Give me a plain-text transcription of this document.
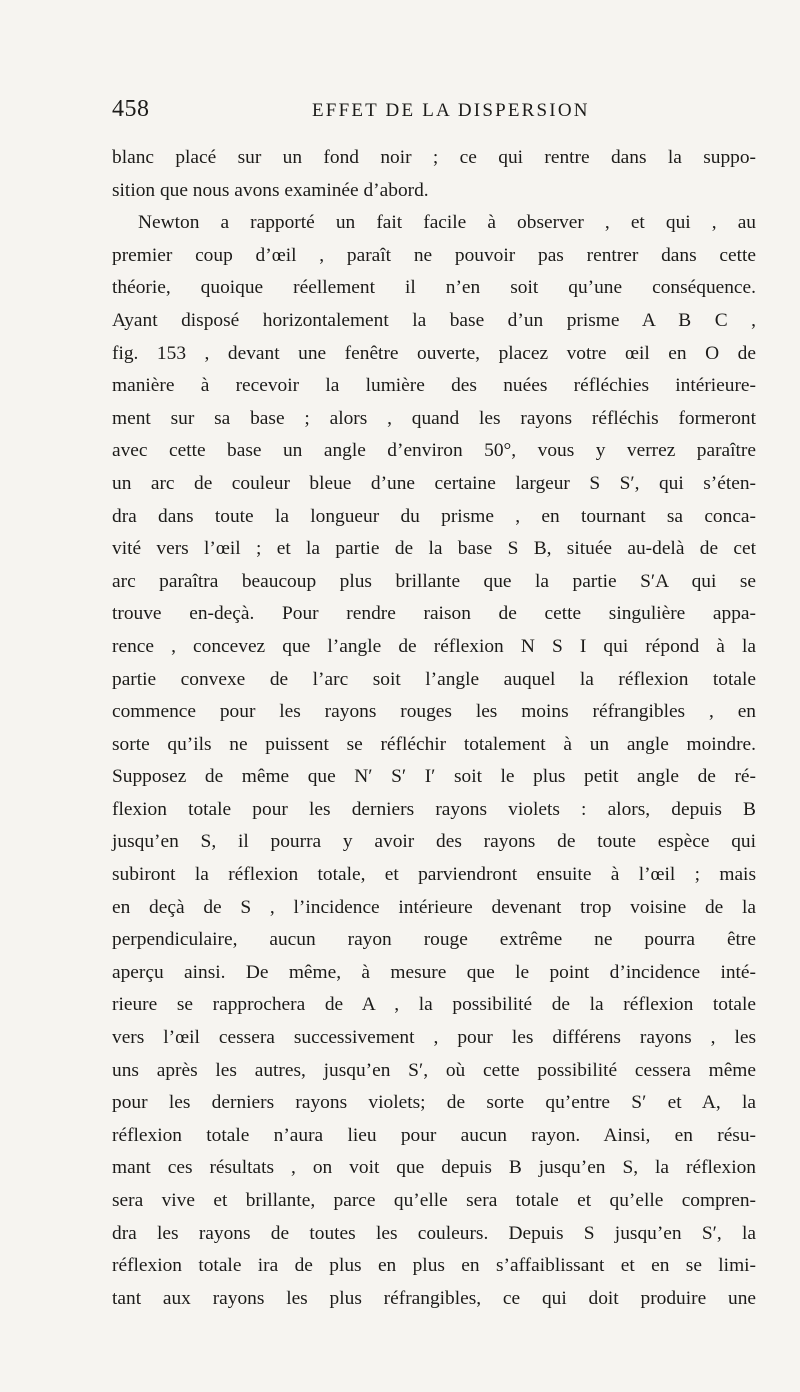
458	EFFET DE LA DISPERSION
blanc placé sur un fond noir ; ce qui rentre dans la suppo-
sition que nous avons examinée d’abord.
Newton a rapporté un fait facile à observer , et qui , au
premier coup d’œil , paraît ne pouvoir pas rentrer dans cette
théorie, quoique réellement il n’en soit qu’une conséquence.
Ayant disposé horizontalement la base d’un prisme A B C ,
fig. 153 , devant une fenêtre ouverte, placez votre œil en O de
manière à recevoir la lumière des nuées réfléchies intérieure-
ment sur sa base ; alors , quand les rayons réfléchis formeront
avec cette base un angle d’environ 50°, vous y verrez paraître
un arc de couleur bleue d’une certaine largeur S S′, qui s’éten-
dra dans toute la longueur du prisme , en tournant sa conca-
vité vers l’œil ; et la partie de la base S B, située au-delà de cet
arc paraîtra beaucoup plus brillante que la partie S′A qui se
trouve en-deçà. Pour rendre raison de cette singulière appa-
rence , concevez que l’angle de réflexion N S I qui répond à la
partie convexe de l’arc soit l’angle auquel la réflexion totale
commence pour les rayons rouges les moins réfrangibles , en
sorte qu’ils ne puissent se réfléchir totalement à un angle moindre.
Supposez de même que N′ S′ I′ soit le plus petit angle de ré-
flexion totale pour les derniers rayons violets : alors, depuis B
jusqu’en S, il pourra y avoir des rayons de toute espèce qui
subiront la réflexion totale, et parviendront ensuite à l’œil ; mais
en deçà de S , l’incidence intérieure devenant trop voisine de la
perpendiculaire, aucun rayon rouge extrême ne pourra être
aperçu ainsi. De même, à mesure que le point d’incidence inté-
rieure se rapprochera de A , la possibilité de la réflexion totale
vers l’œil cessera successivement , pour les différens rayons , les
uns après les autres, jusqu’en S′, où cette possibilité cessera même
pour les derniers rayons violets; de sorte qu’entre S′ et A, la
réflexion totale n’aura lieu pour aucun rayon. Ainsi, en résu-
mant ces résultats , on voit que depuis B jusqu’en S, la réflexion
sera vive et brillante, parce qu’elle sera totale et qu’elle compren-
dra les rayons de toutes les couleurs. Depuis S jusqu’en S′, la
réflexion totale ira de plus en plus en s’affaiblissant et en se limi-
tant aux rayons les plus réfrangibles, ce qui doit produire une
